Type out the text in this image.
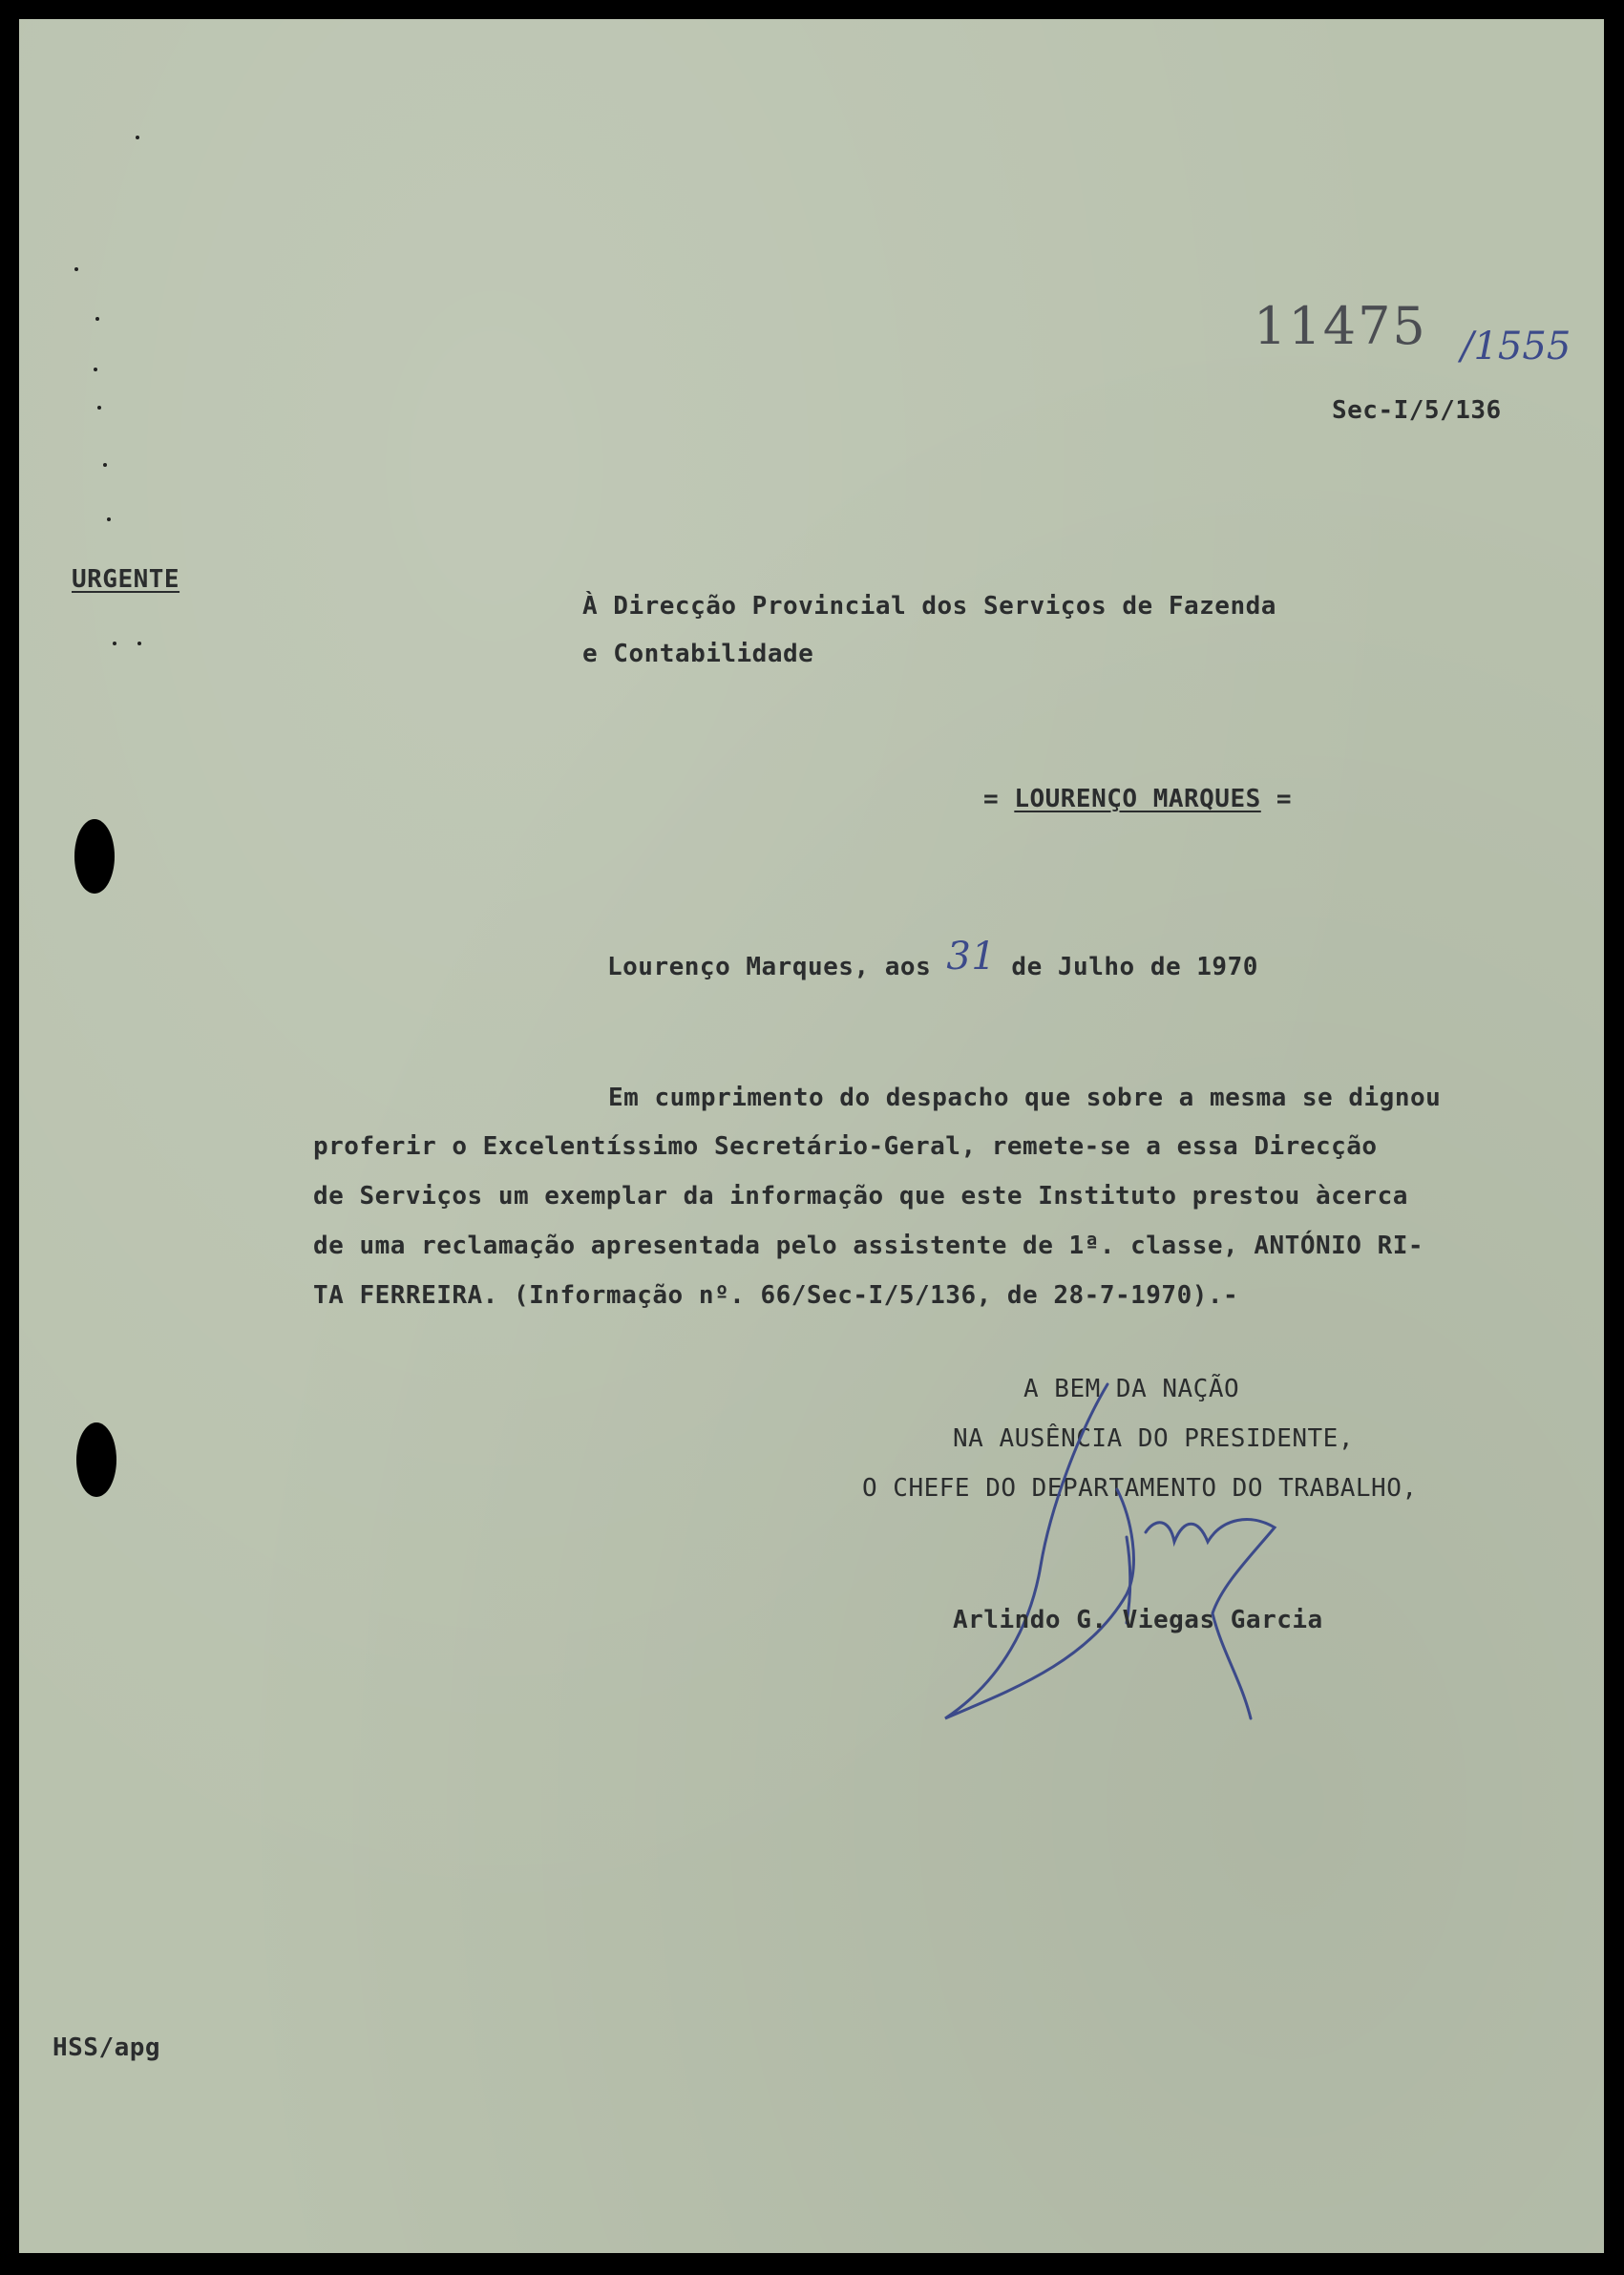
11475 /1555
Sec-I/5/136
URGENTE
À Direcção Provincial dos Serviços de Fazenda
e Contabilidade
= LOURENÇO MARQUES =
Lourenço Marques, aos 31 de Julho de 1970
Em cumprimento do despacho que sobre a mesma se dignou
proferir o Excelentíssimo Secretário-Geral, remete-se a essa Direcção
de Serviços um exemplar da informação que este Instituto prestou àcerca
de uma reclamação apresentada pelo assistente de 1ª. classe, ANTÓNIO RI-
TA FERREIRA. (Informação nº. 66/Sec-I/5/136, de 28-7-1970).-
A BEM DA NAÇÃO
NA AUSÊNCIA DO PRESIDENTE,
O CHEFE DO DEPARTAMENTO DO TRABALHO,
Arlindo G. Viegas Garcia
HSS/apg
